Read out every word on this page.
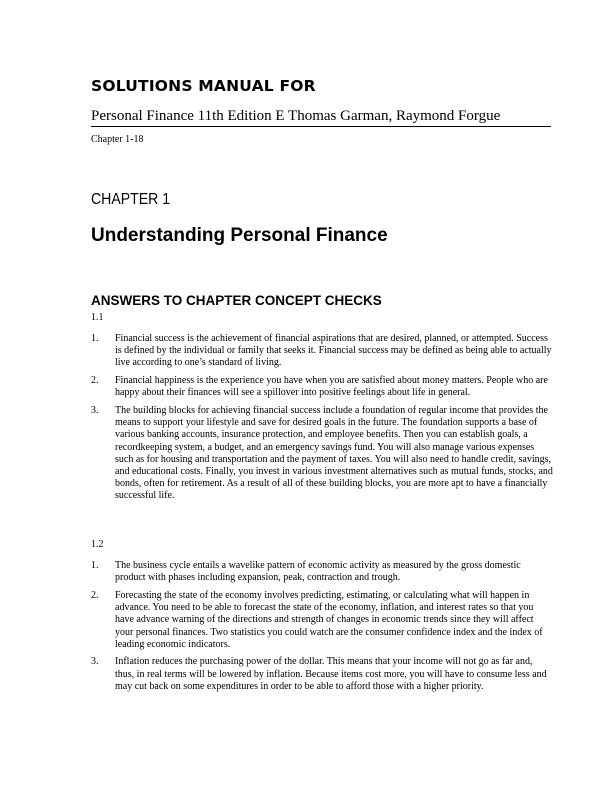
SOLUTIONS MANUAL FOR
Personal Finance 11th Edition E Thomas Garman, Raymond Forgue
Chapter 1-18
CHAPTER 1
Understanding Personal Finance
ANSWERS TO CHAPTER CONCEPT CHECKS
1.1
1.	Financial success is the achievement of financial aspirations that are desired, planned, or attempted. Success is defined by the individual or family that seeks it. Financial success may be defined as being able to actually live according to one’s standard of living.
2.	Financial happiness is the experience you have when you are satisfied about money matters. People who are happy about their finances will see a spillover into positive feelings about life in general.
3.	The building blocks for achieving financial success include a foundation of regular income that provides the means to support your lifestyle and save for desired goals in the future. The foundation supports a base of various banking accounts, insurance protection, and employee benefits. Then you can establish goals, a recordkeeping system, a budget, and an emergency savings fund. You will also manage various expenses such as for housing and transportation and the payment of taxes. You will also need to handle credit, savings, and educational costs. Finally, you invest in various investment alternatives such as mutual funds, stocks, and bonds, often for retirement. As a result of all of these building blocks, you are more apt to have a financially successful life.
1.2
1.	The business cycle entails a wavelike pattern of economic activity as measured by the gross domestic product with phases including expansion, peak, contraction and trough.
2.	Forecasting the state of the economy involves predicting, estimating, or calculating what will happen in advance. You need to be able to forecast the state of the economy, inflation, and interest rates so that you have advance warning of the directions and strength of changes in economic trends since they will affect your personal finances. Two statistics you could watch are the consumer confidence index and the index of leading economic indicators.
3.	Inflation reduces the purchasing power of the dollar. This means that your income will not go as far and, thus, in real terms will be lowered by inflation. Because items cost more, you will have to consume less and may cut back on some expenditures in order to be able to afford those with a higher priority.
